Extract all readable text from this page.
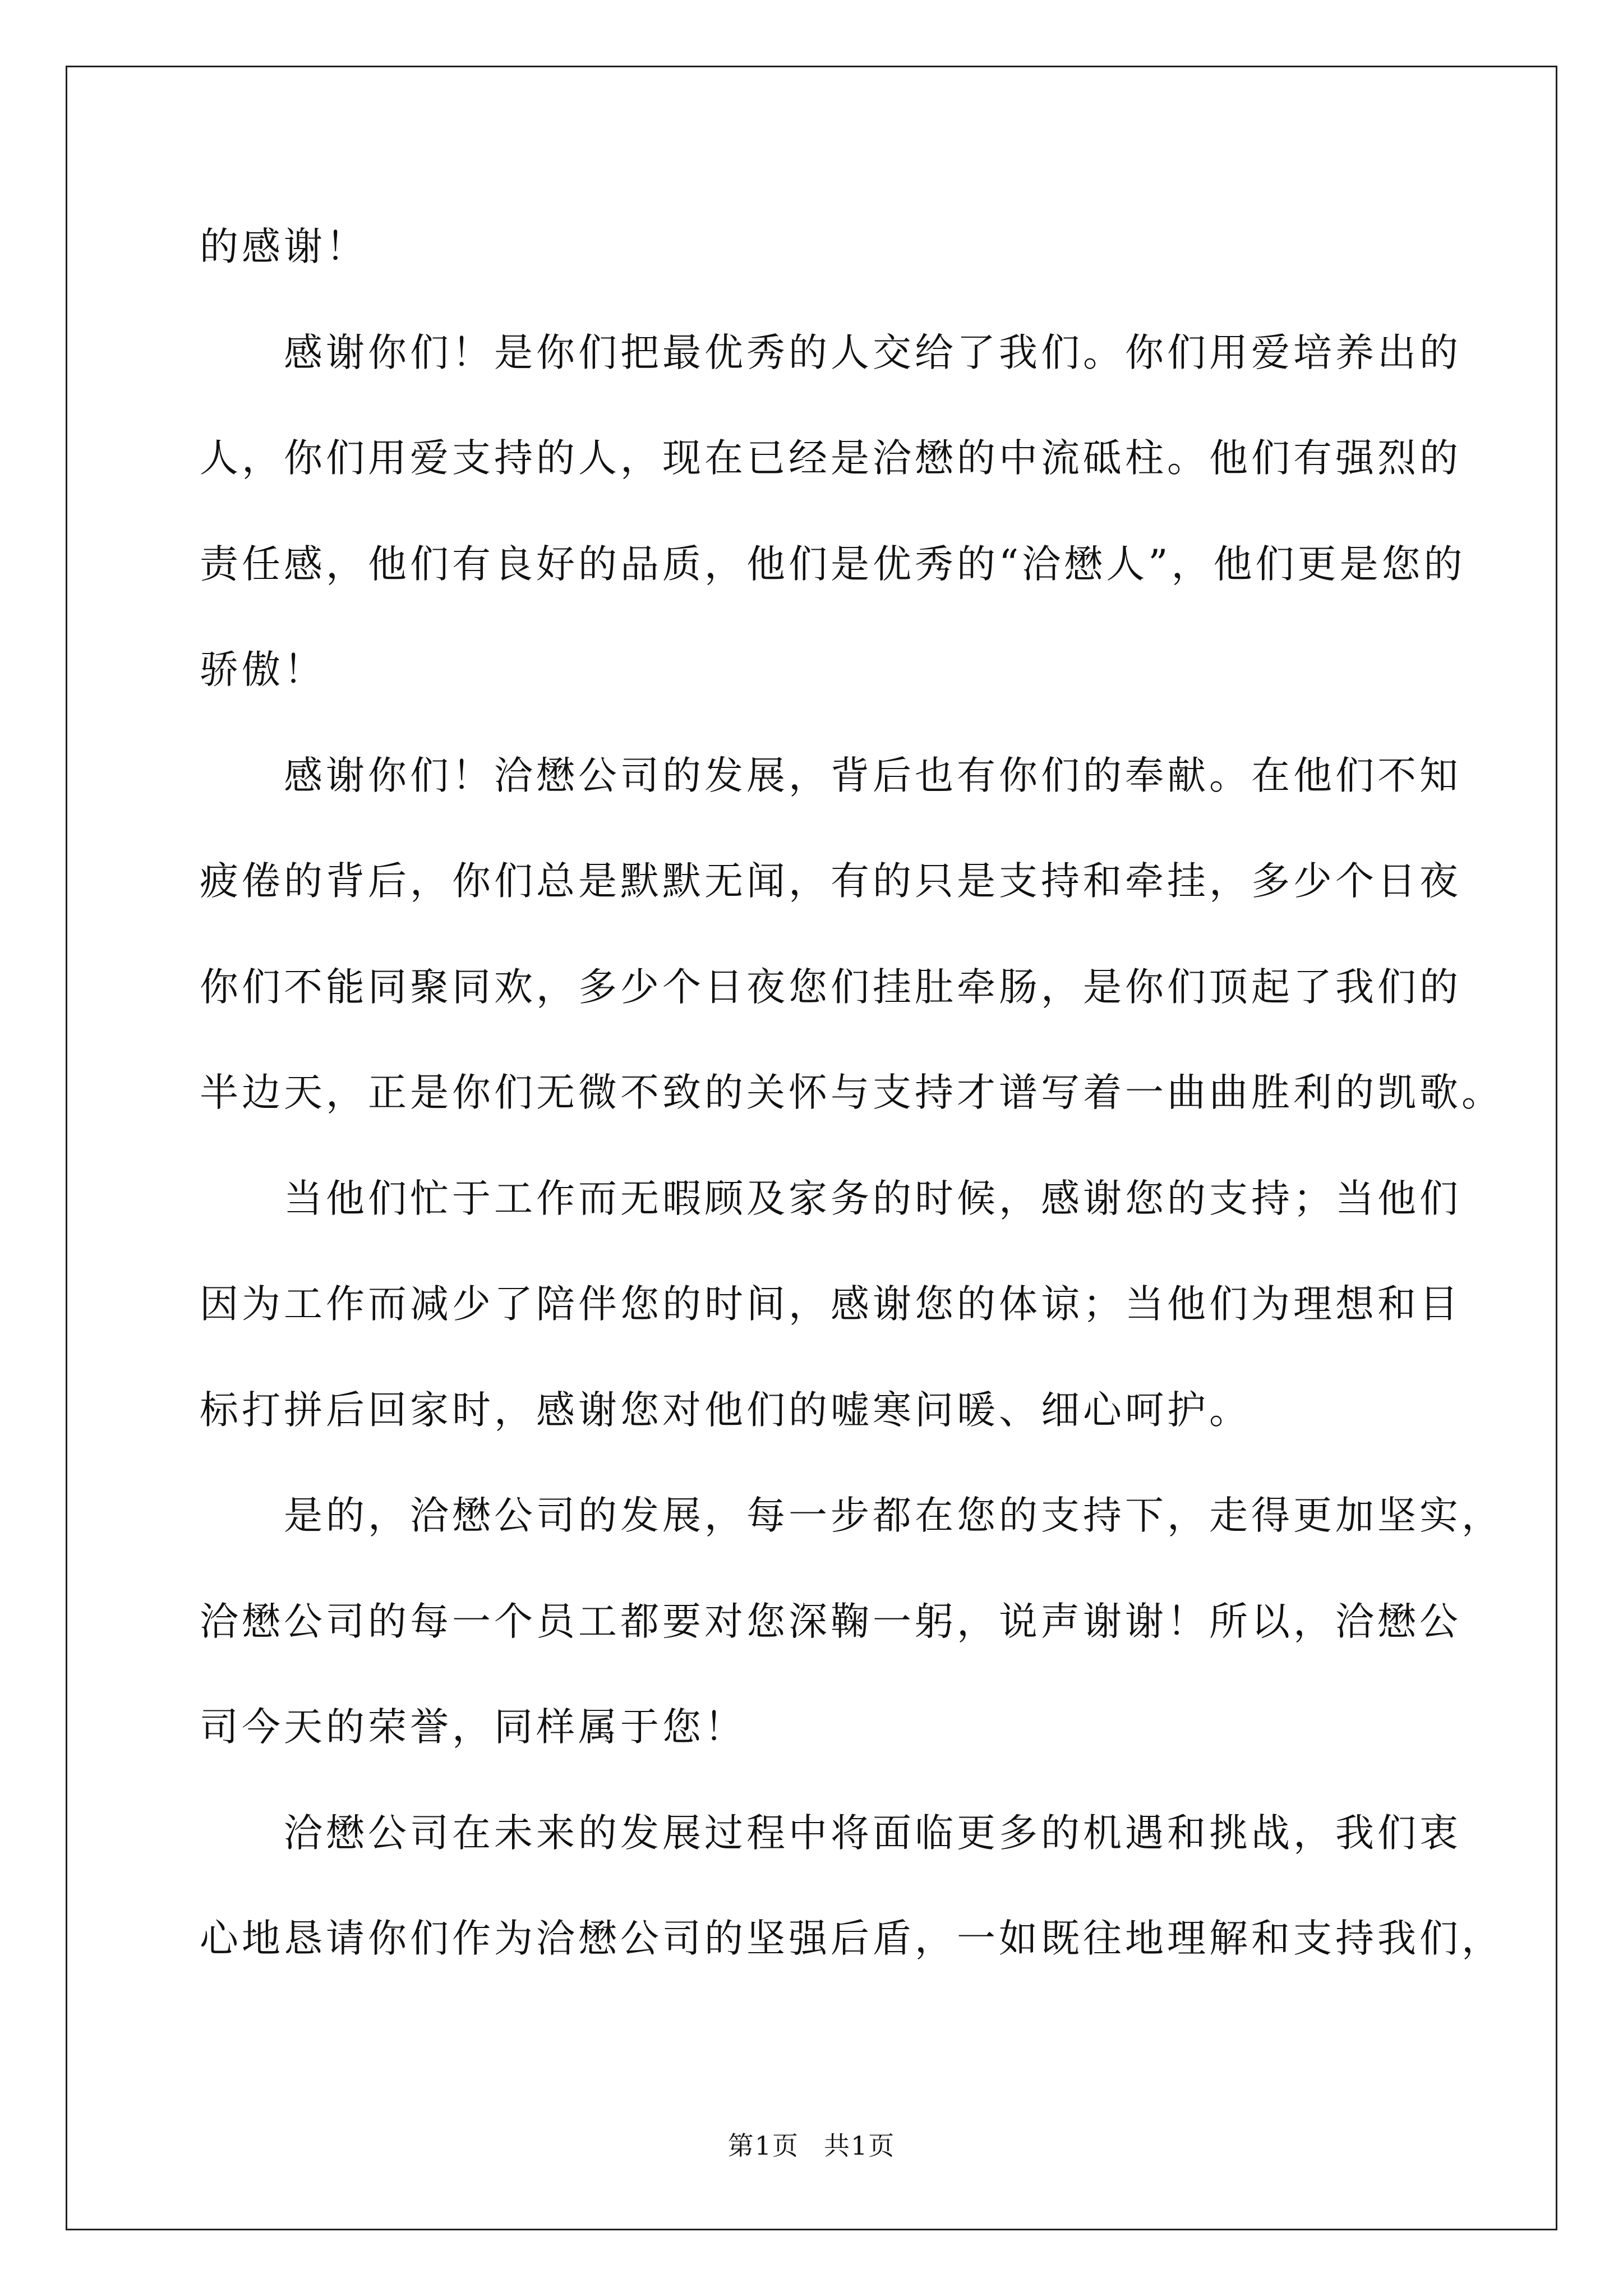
的感谢！
感谢你们！是你们把最优秀的人交给了我们。你们用爱培养出的
人，你们用爱支持的人，现在已经是洽懋的中流砥柱。他们有强烈的
责任感，他们有良好的品质，他们是优秀的“洽懋人”，他们更是您的
骄傲！
感谢你们！洽懋公司的发展，背后也有你们的奉献。在他们不知
疲倦的背后，你们总是默默无闻，有的只是支持和牵挂，多少个日夜
你们不能同聚同欢，多少个日夜您们挂肚牵肠，是你们顶起了我们的
半边天，正是你们无微不致的关怀与支持才谱写着一曲曲胜利的凯歌。
当他们忙于工作而无暇顾及家务的时候，感谢您的支持；当他们
因为工作而减少了陪伴您的时间，感谢您的体谅；当他们为理想和目
标打拼后回家时，感谢您对他们的嘘寒问暖、细心呵护。
是的，洽懋公司的发展，每一步都在您的支持下，走得更加坚实，
洽懋公司的每一个员工都要对您深鞠一躬，说声谢谢！所以，洽懋公
司今天的荣誉，同样属于您！
洽懋公司在未来的发展过程中将面临更多的机遇和挑战，我们衷
心地恳请你们作为洽懋公司的坚强后盾，一如既往地理解和支持我们，
第1页 共1页
